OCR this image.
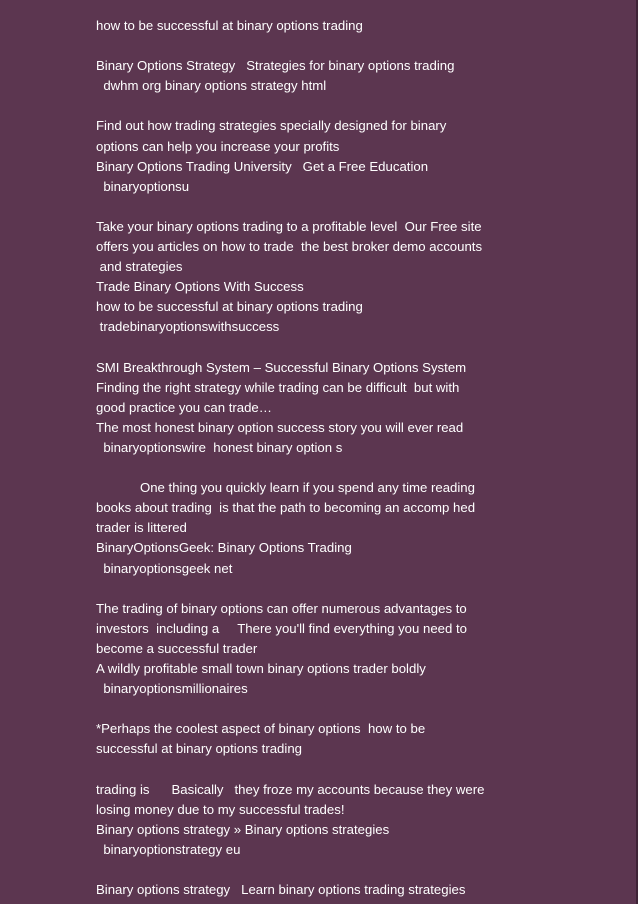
how to be successful at binary options trading
Binary Options Strategy   Strategies for binary options trading
dwhm org binary options strategy html
Find out how trading strategies specially designed for binary
options can help you increase your profits
Binary Options Trading University   Get a Free Education
binaryoptionsu
Take your binary options trading to a profitable level  Our Free site
offers you articles on how to trade  the best broker demo accounts
and strategies
Trade Binary Options With Success
how to be successful at binary options trading
tradebinaryoptionswithsuccess
SMI Breakthrough System – Successful Binary Options System
Finding the right strategy while trading can be difficult  but with
good practice you can trade…
The most honest binary option success story you will ever read
binaryoptionswire  honest binary option s
One thing you quickly learn if you spend any time reading
books about trading  is that the path to becoming an accomp hed
trader is littered
BinaryOptionsGeek: Binary Options Trading
binaryoptionsgeek net
The trading of binary options can offer numerous advantages to
investors  including a     There you'll find everything you need to
become a successful trader
A wildly profitable small town binary options trader boldly
binaryoptionsmillionaires
*Perhaps the coolest aspect of binary options  how to be
successful at binary options trading
trading is      Basically   they froze my accounts because they were
losing money due to my successful trades!
Binary options strategy » Binary options strategies
binaryoptionstrategy eu
Binary options strategy   Learn binary options trading strategies
